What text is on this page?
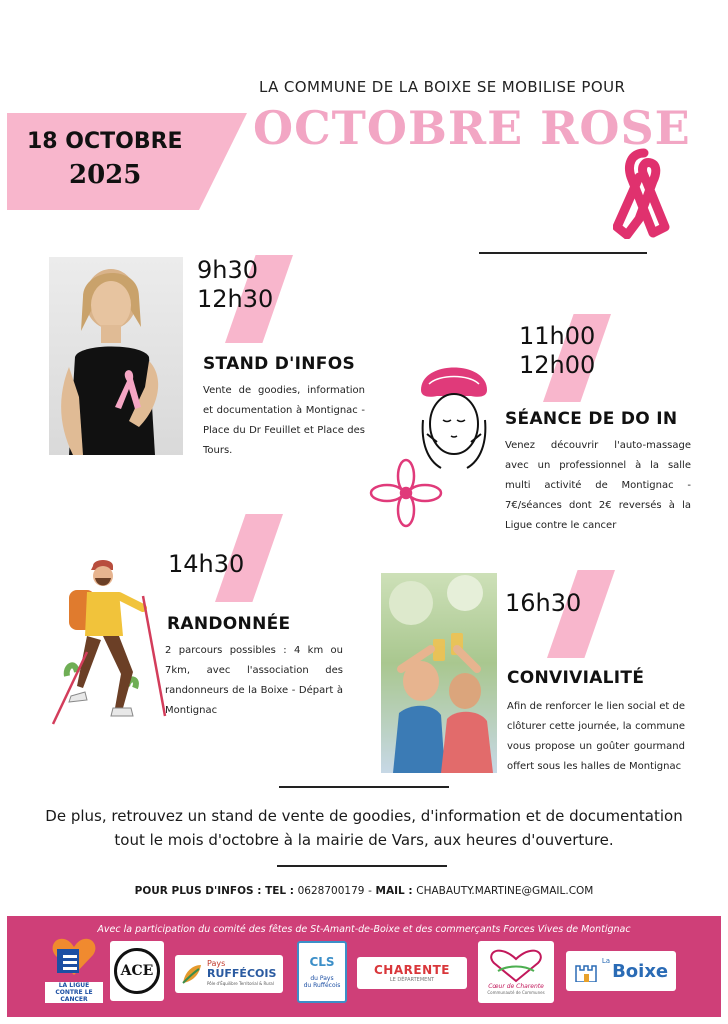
LA COMMUNE DE LA BOIXE SE MOBILISE POUR
OCTOBRE ROSE
18 OCTOBRE
2025
9h30
12h30
STAND D'INFOS
Vente de goodies, information et documentation à Montignac - Place du Dr Feuillet et Place des Tours.
11h00
12h00
SÉANCE DE DO IN
Venez découvrir l'auto-massage avec un professionnel à la salle multi activité de Montignac - 7€/séances dont 2€ reversés à la Ligue contre le cancer
14h30
RANDONNÉE
2 parcours possibles : 4 km ou 7km, avec l'association des randonneurs de la Boixe - Départ à Montignac
16h30
CONVIVIALITÉ
Afin de renforcer le lien social et de clôturer cette journée, la commune vous propose un goûter gourmand offert sous les halles de Montignac
De plus, retrouvez un stand de vente de goodies, d'information et de documentation
tout le mois d'octobre à la mairie de Vars, aux heures d'ouverture.
POUR PLUS D'INFOS : TEL : 0628700179 - MAIL : CHABAUTY.MARTINE@GMAIL.COM
Avec la participation du comité des fêtes de St-Amant-de-Boixe et des commerçants Forces Vives de Montignac
LA LIGUE CONTRE LE CANCER
ACE	Pays
RUFFÉCOIS
Pôle d'Équilibre Territorial & Rural
CLS
du Pays
du Ruffécois
CHARENTE
LE DÉPARTEMENT
Cœur de Charente
Communauté de Communes
La Boixe
